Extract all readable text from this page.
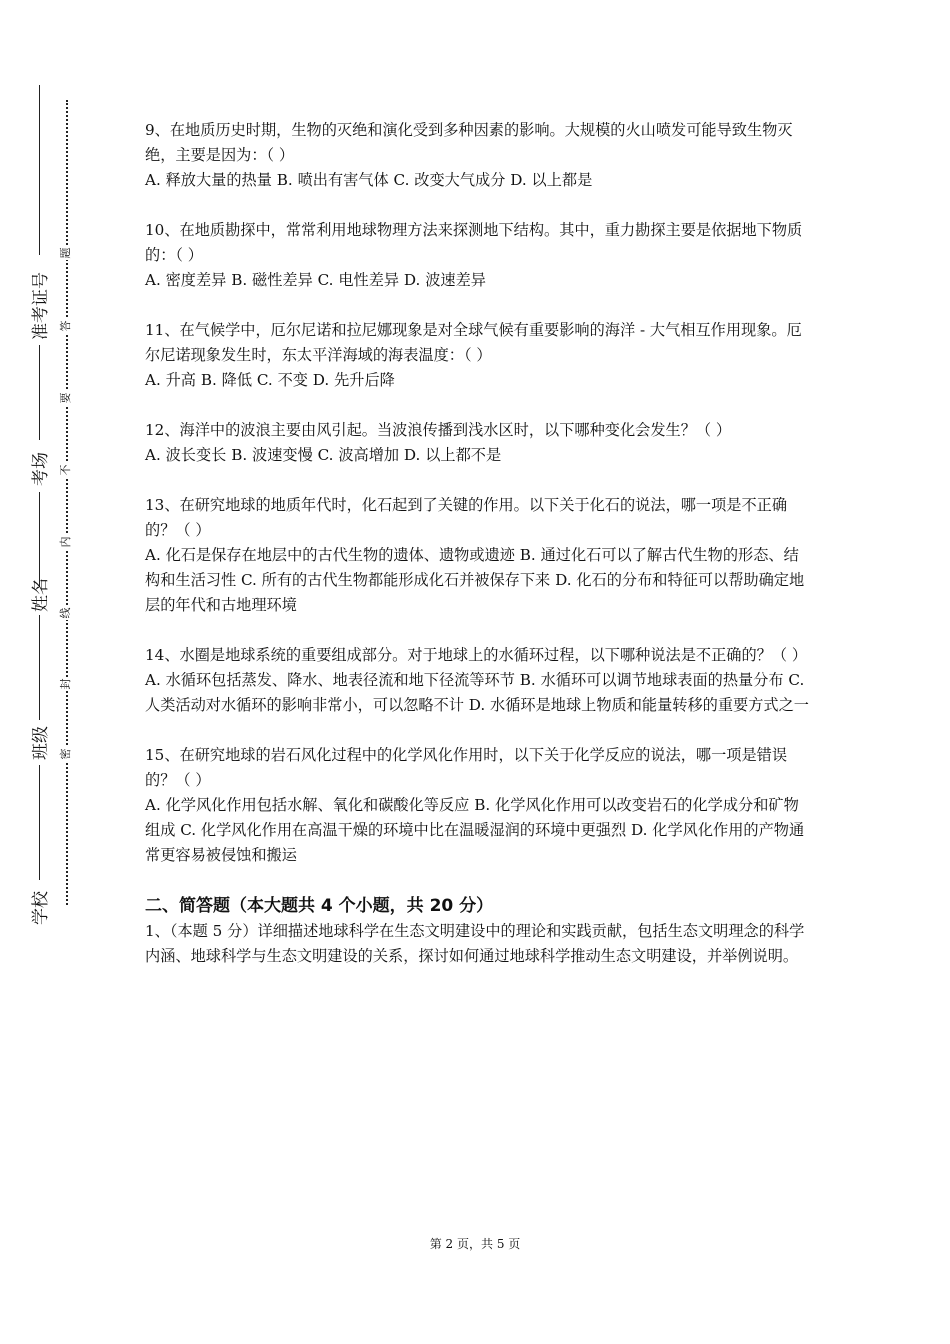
准考证号
考场
姓名
班级
学校
题
答
要
不
内
线
封
密

9、在地质历史时期，生物的灭绝和演化受到多种因素的影响。大规模的火山喷发可能导致生物灭绝，主要是因为：（ ）

A. 释放大量的热量 B. 喷出有害气体 C. 改变大气成分 D. 以上都是

10、在地质勘探中，常常利用地球物理方法来探测地下结构。其中，重力勘探主要是依据地下物质的：（ ）

A. 密度差异 B. 磁性差异 C. 电性差异 D. 波速差异

11、在气候学中，厄尔尼诺和拉尼娜现象是对全球气候有重要影响的海洋 - 大气相互作用现象。厄尔尼诺现象发生时，东太平洋海域的海表温度：（ ）

A. 升高 B. 降低 C. 不变 D. 先升后降

12、海洋中的波浪主要由风引起。当波浪传播到浅水区时，以下哪种变化会发生？（ ）

A. 波长变长 B. 波速变慢 C. 波高增加 D. 以上都不是

13、在研究地球的地质年代时，化石起到了关键的作用。以下关于化石的说法，哪一项是不正确的？（ ）

A. 化石是保存在地层中的古代生物的遗体、遗物或遗迹 B. 通过化石可以了解古代生物的形态、结构和生活习性 C. 所有的古代生物都能形成化石并被保存下来 D. 化石的分布和特征可以帮助确定地层的年代和古地理环境

14、水圈是地球系统的重要组成部分。对于地球上的水循环过程，以下哪种说法是不正确的？（ ）

A. 水循环包括蒸发、降水、地表径流和地下径流等环节 B. 水循环可以调节地球表面的热量分布 C. 人类活动对水循环的影响非常小，可以忽略不计 D. 水循环是地球上物质和能量转移的重要方式之一

15、在研究地球的岩石风化过程中的化学风化作用时，以下关于化学反应的说法，哪一项是错误的？（ ）

A. 化学风化作用包括水解、氧化和碳酸化等反应 B. 化学风化作用可以改变岩石的化学成分和矿物组成 C. 化学风化作用在高温干燥的环境中比在温暖湿润的环境中更强烈 D. 化学风化作用的产物通常更容易被侵蚀和搬运

二、简答题（本大题共 4 个小题，共 20 分）

1、（本题 5 分）详细描述地球科学在生态文明建设中的理论和实践贡献，包括生态文明理念的科学内涵、地球科学与生态文明建设的关系，探讨如何通过地球科学推动生态文明建设，并举例说明。

第 2 页，共 5 页
